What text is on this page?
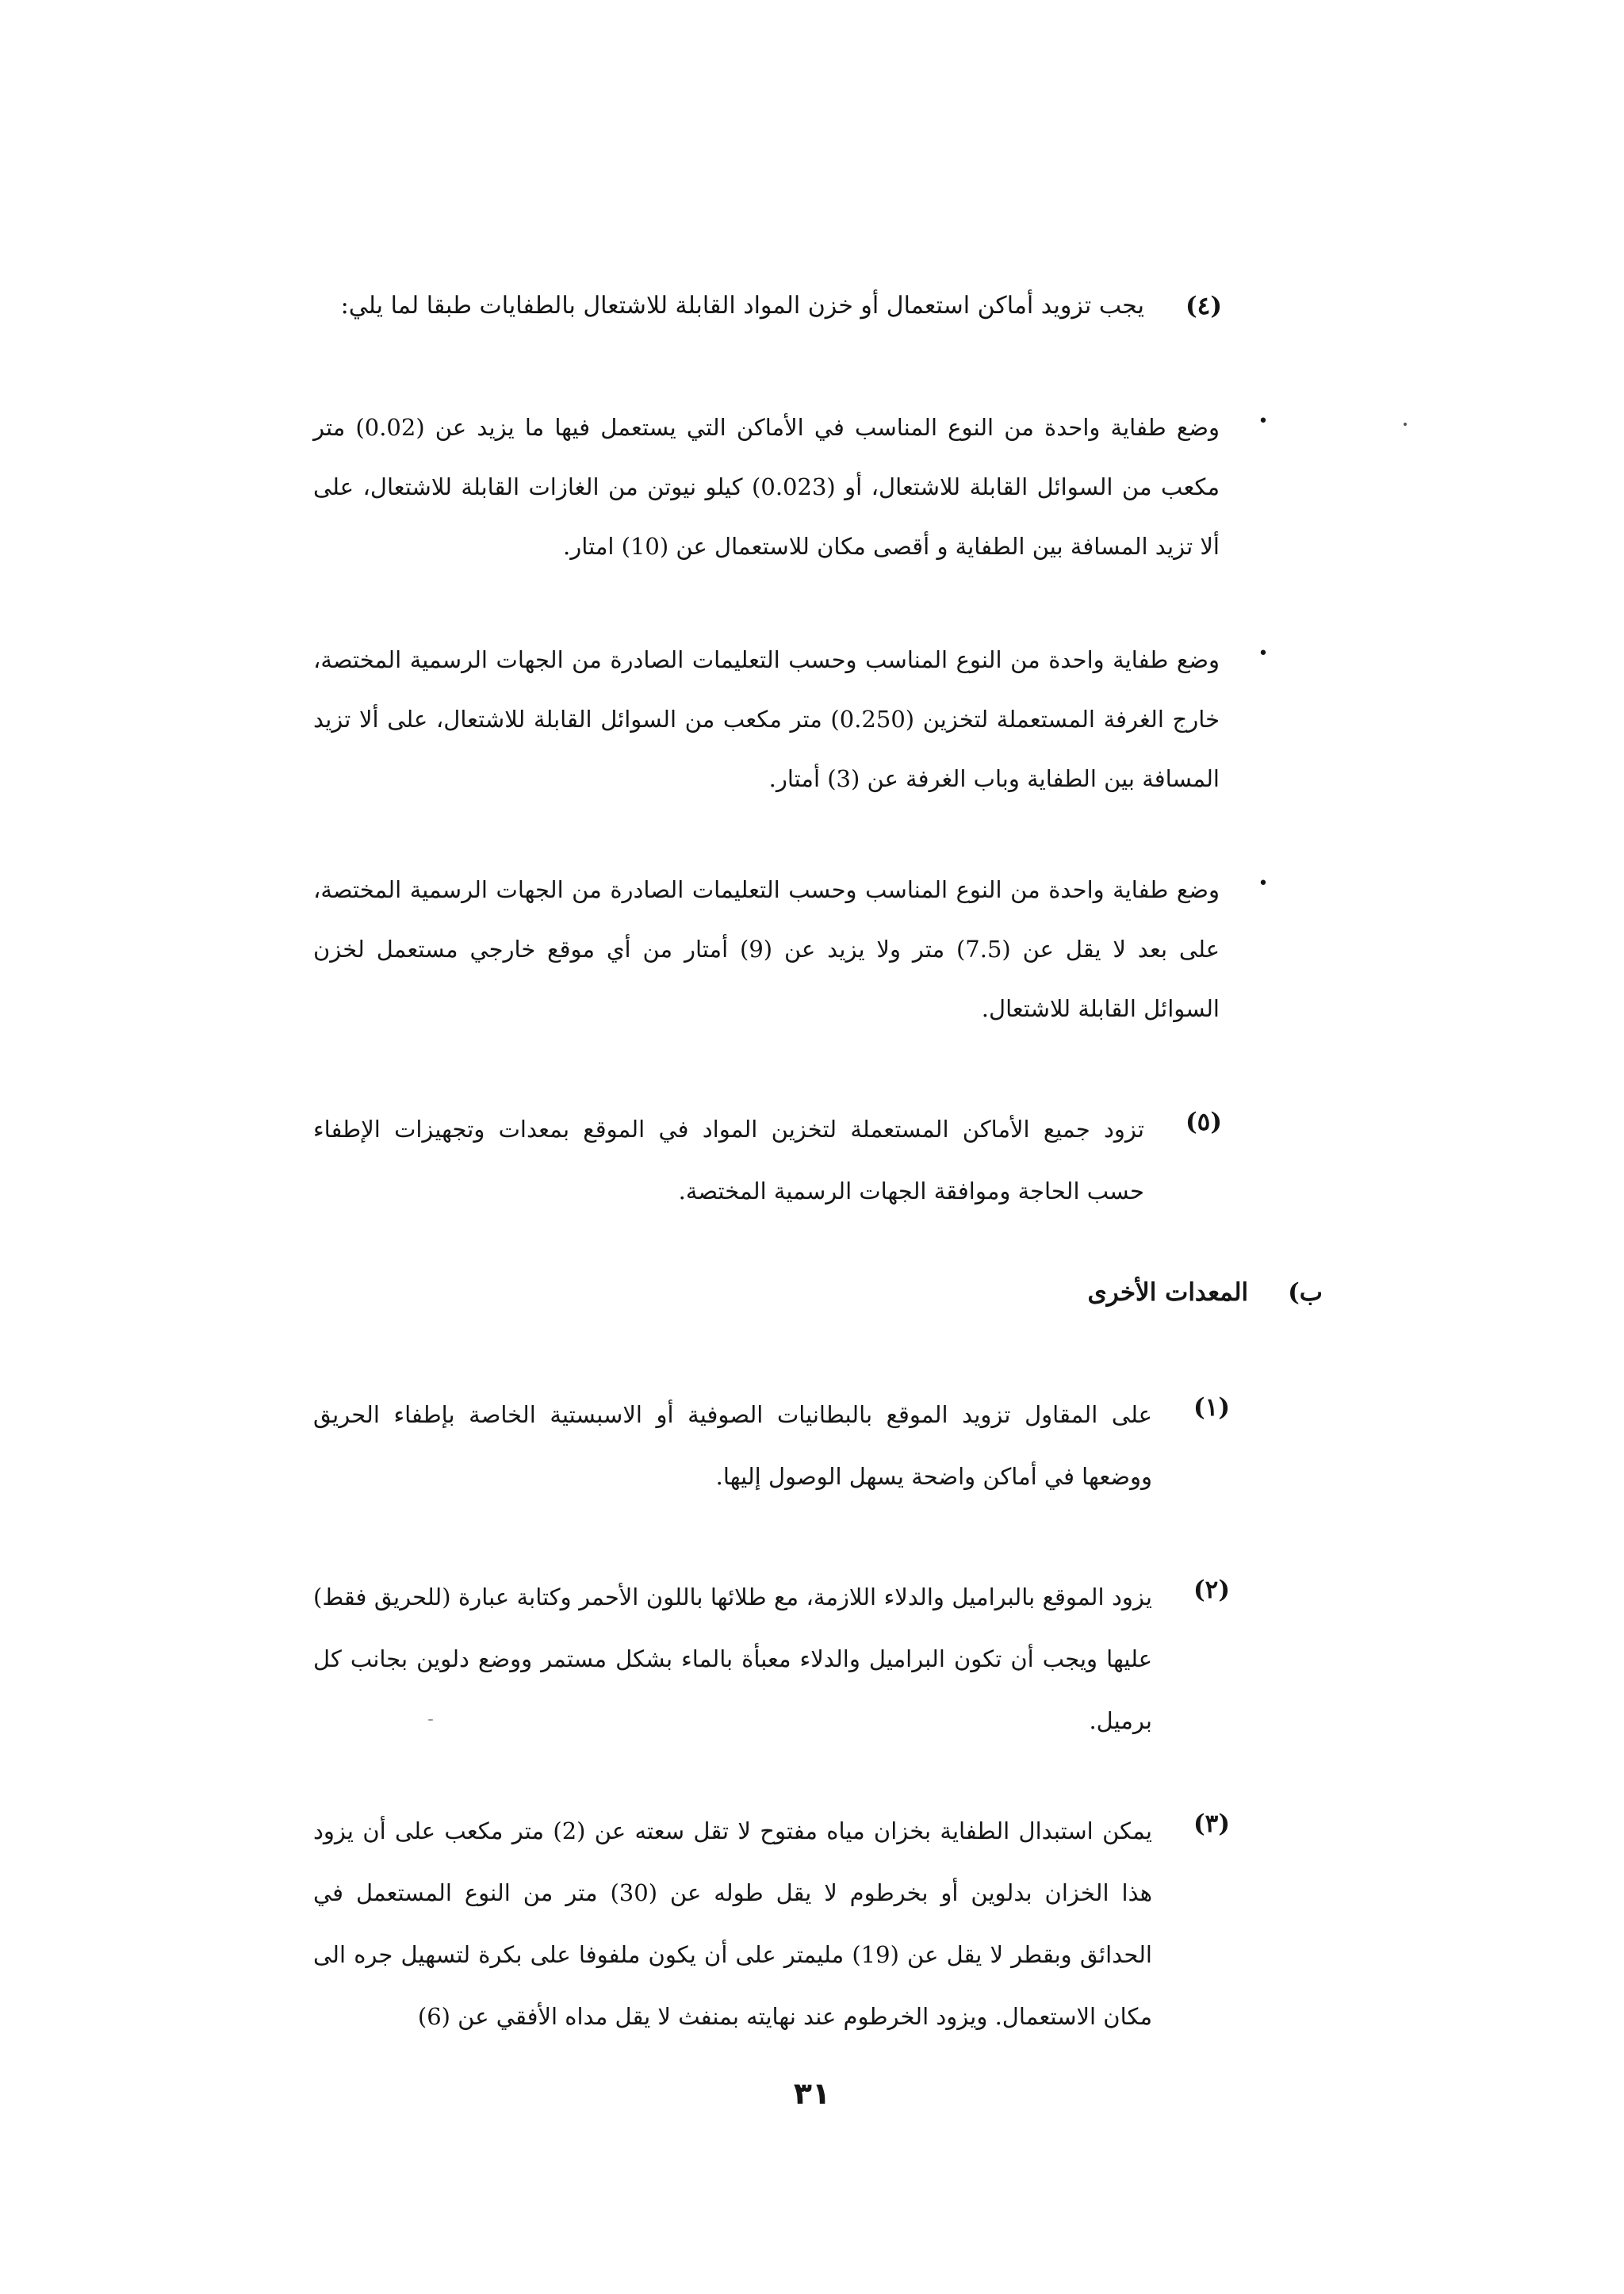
(٤)
يجب تزويد أماكن استعمال أو خزن المواد القابلة للاشتعال بالطفايات طبقا لما يلي:
•
وضع طفاية واحدة من النوع المناسب في الأماكن التي يستعمل فيها ما يزيد عن (0.02) متر مكعب من السوائل القابلة للاشتعال، أو (0.023) كيلو نيوتن من الغازات القابلة للاشتعال، على ألا تزيد المسافة بين الطفاية و أقصى مكان للاستعمال عن (10) امتار.
•
وضع طفاية واحدة من النوع المناسب وحسب التعليمات الصادرة من الجهات الرسمية المختصة، خارج الغرفة المستعملة لتخزين (0.250) متر مكعب من السوائل القابلة للاشتعال، على ألا تزيد المسافة بين الطفاية وباب الغرفة عن (3) أمتار.
•
وضع طفاية واحدة من النوع المناسب وحسب التعليمات الصادرة من الجهات الرسمية المختصة، على بعد لا يقل عن (7.5) متر ولا يزيد عن (9) أمتار من أي موقع خارجي مستعمل لخزن السوائل القابلة للاشتعال.
(٥)
تزود جميع الأماكن المستعملة لتخزين المواد في الموقع بمعدات وتجهيزات الإطفاء حسب الحاجة وموافقة الجهات الرسمية المختصة.
ب)
المعدات الأخرى
(١)
على المقاول تزويد الموقع بالبطانيات الصوفية أو الاسبستية الخاصة بإطفاء الحريق ووضعها في أماكن واضحة يسهل الوصول إليها.
(٢)
يزود الموقع بالبراميل والدلاء اللازمة، مع طلائها باللون الأحمر وكتابة عبارة (للحريق فقط) عليها ويجب أن تكون البراميل والدلاء معبأة بالماء بشكل مستمر ووضع دلوين بجانب كل برميل.
(٣)
يمكن استبدال الطفاية بخزان مياه مفتوح لا تقل سعته عن (2) متر مكعب على أن يزود هذا الخزان بدلوين أو بخرطوم لا يقل طوله عن (30) متر من النوع المستعمل في الحدائق وبقطر لا يقل عن (19) مليمتر على أن يكون ملفوفا على بكرة لتسهيل جره الى مكان الاستعمال. ويزود الخرطوم عند نهايته بمنفث لا يقل مداه الأفقي عن (6)
٣١
